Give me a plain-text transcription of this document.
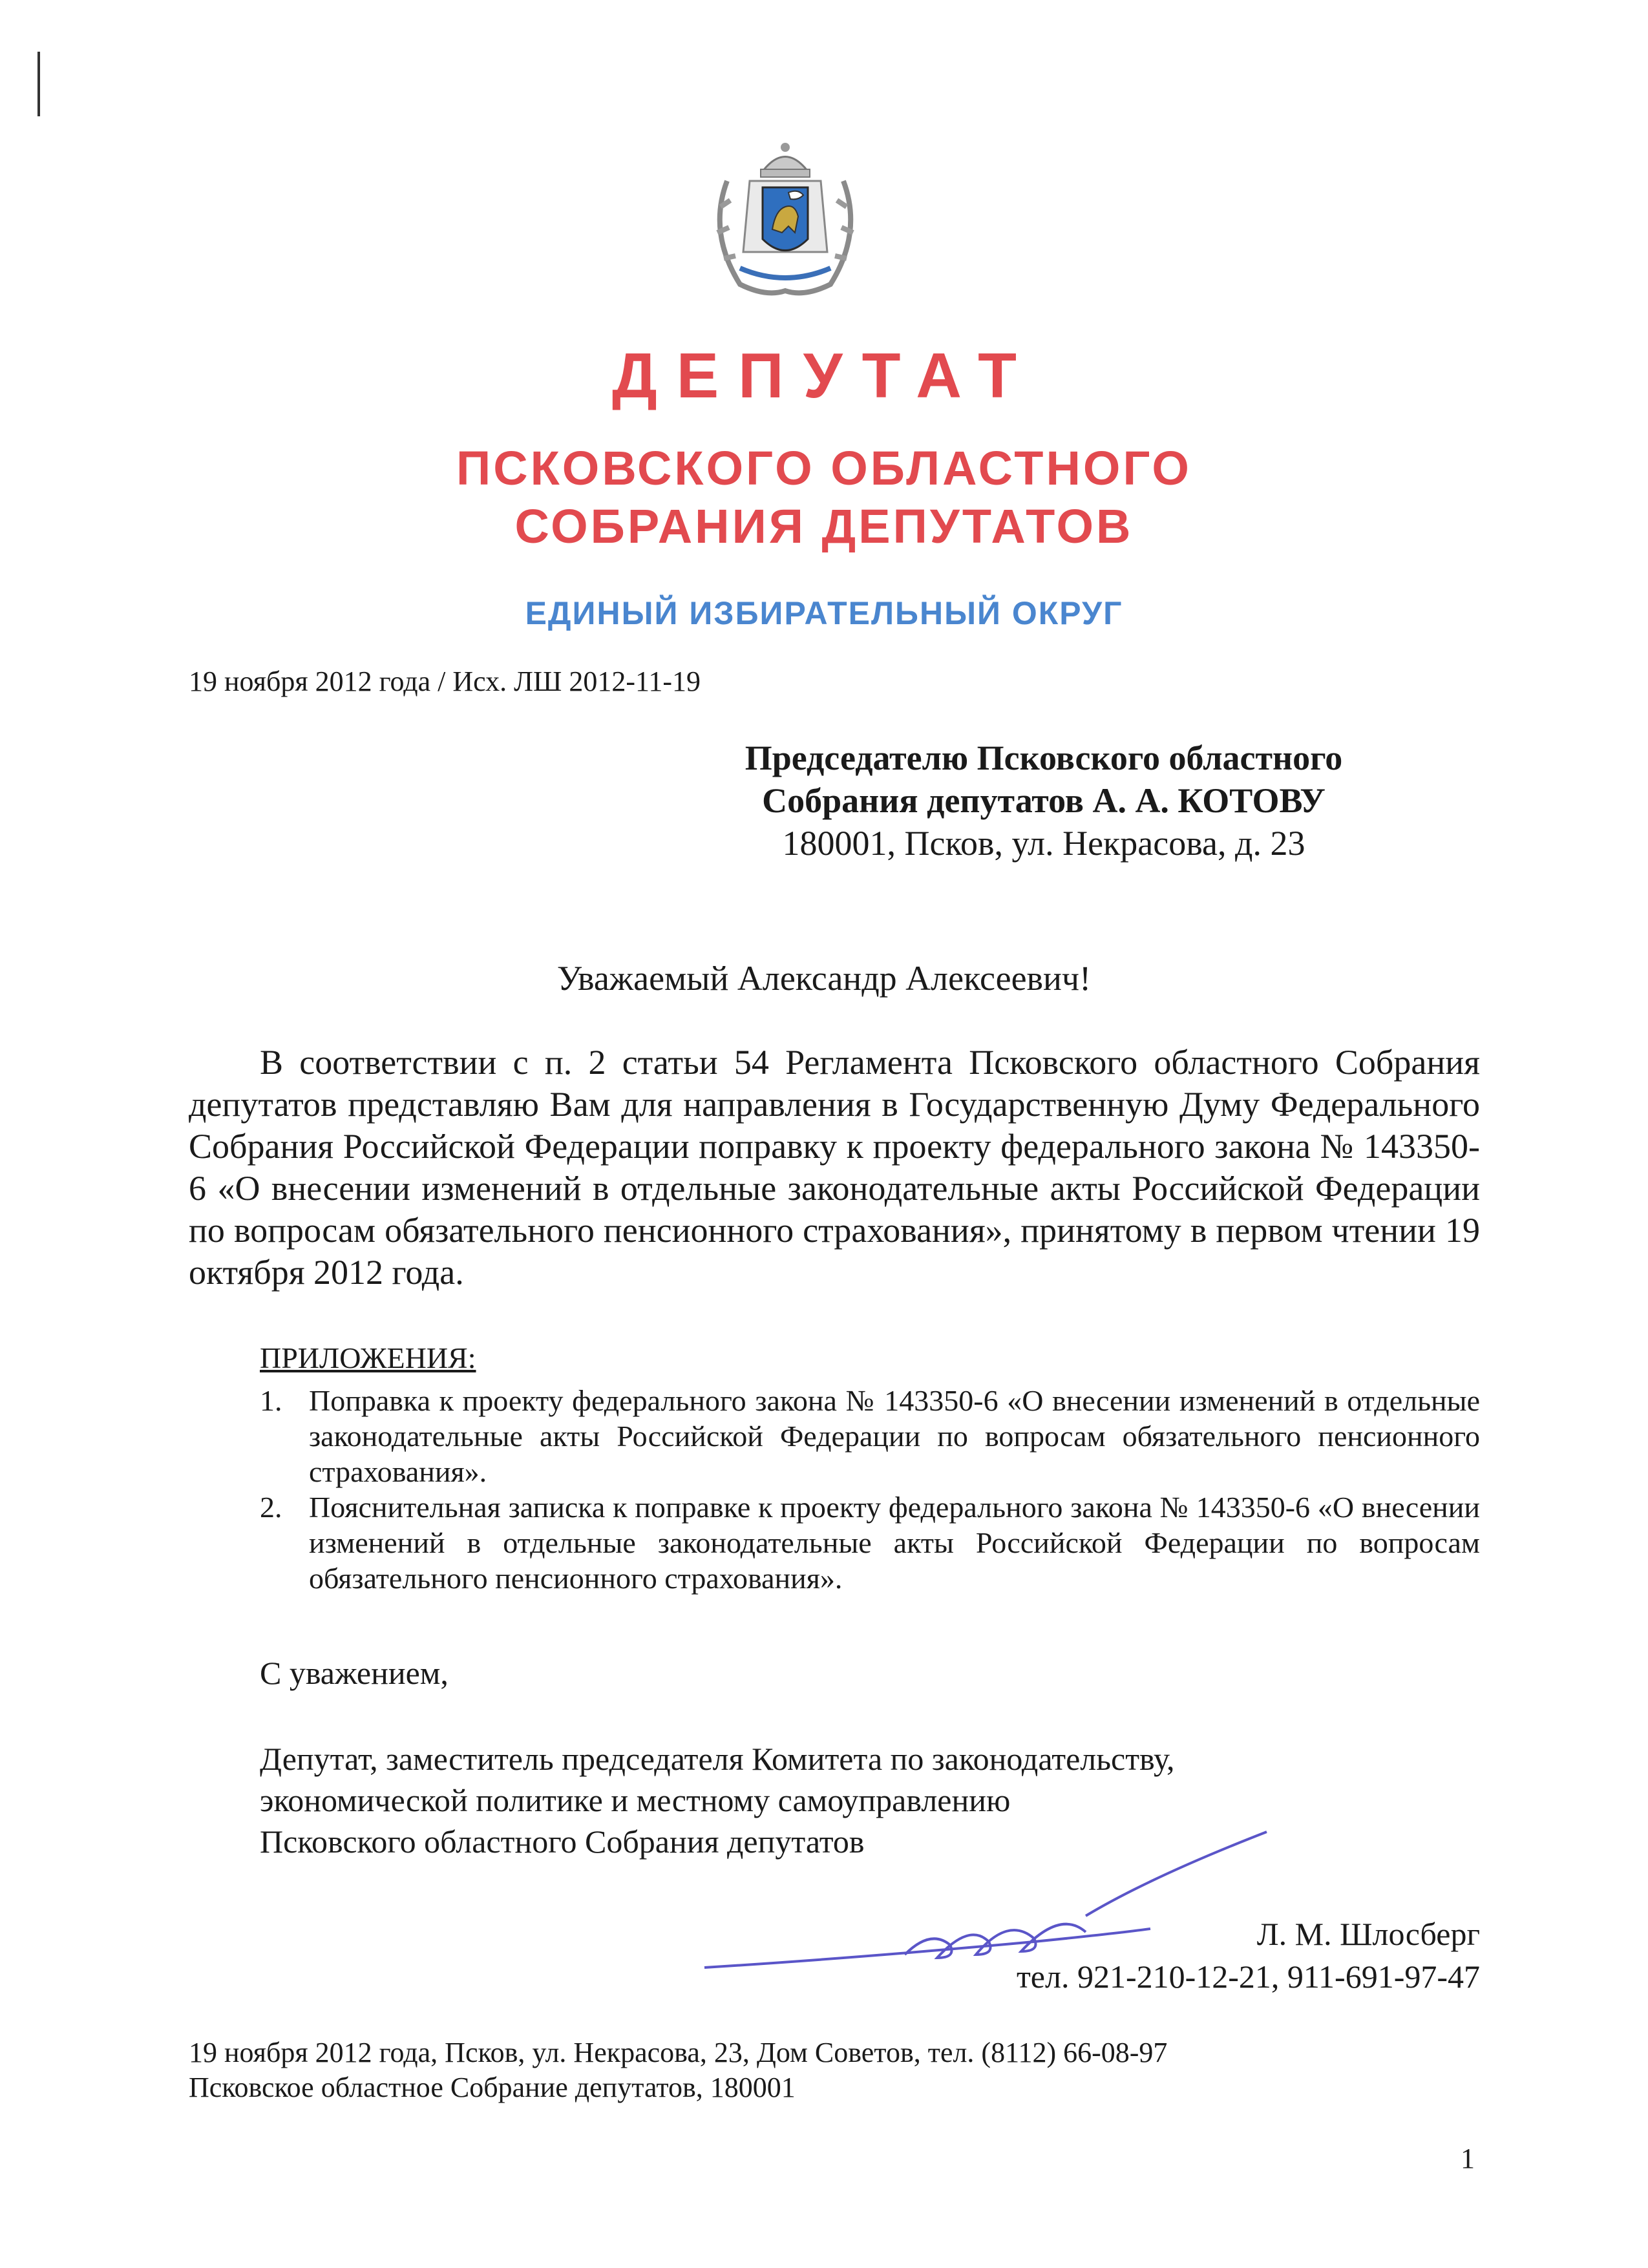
ДЕПУТАТ
ПСКОВСКОГО ОБЛАСТНОГО
СОБРАНИЯ ДЕПУТАТОВ
ЕДИНЫЙ ИЗБИРАТЕЛЬНЫЙ ОКРУГ
19 ноября 2012 года / Исх. ЛШ 2012-11-19
Председателю Псковского областного
Собрания депутатов А. А. КОТОВУ
180001, Псков, ул. Некрасова, д. 23
Уважаемый Александр Алексеевич!
В соответствии с п. 2 статьи 54 Регламента Псковского областного Собрания депутатов представляю Вам для направления в Государственную Думу Федерального Собрания Российской Федерации поправку к проекту федерального закона № 143350-6 «О внесении изменений в отдельные законодательные акты Российской Федерации по вопросам обязательного пенсионного страхования», принятому в первом чтении 19 октября 2012 года.
ПРИЛОЖЕНИЯ:
1. Поправка к проекту федерального закона № 143350-6 «О внесении изменений в отдельные законодательные акты Российской Федерации по вопросам обязательного пенсионного страхования».
2. Пояснительная записка к поправке к проекту федерального закона № 143350-6 «О внесении изменений в отдельные законодательные акты Российской Федерации по вопросам обязательного пенсионного страхования».
С уважением,
Депутат, заместитель председателя Комитета по законодательству,
экономической политике и местному самоуправлению
Псковского областного Собрания депутатов
Л. М. Шлосберг
тел. 921-210-12-21, 911-691-97-47
19 ноября 2012 года, Псков, ул. Некрасова, 23, Дом Советов, тел. (8112) 66-08-97
Псковское областное Собрание депутатов, 180001
1
